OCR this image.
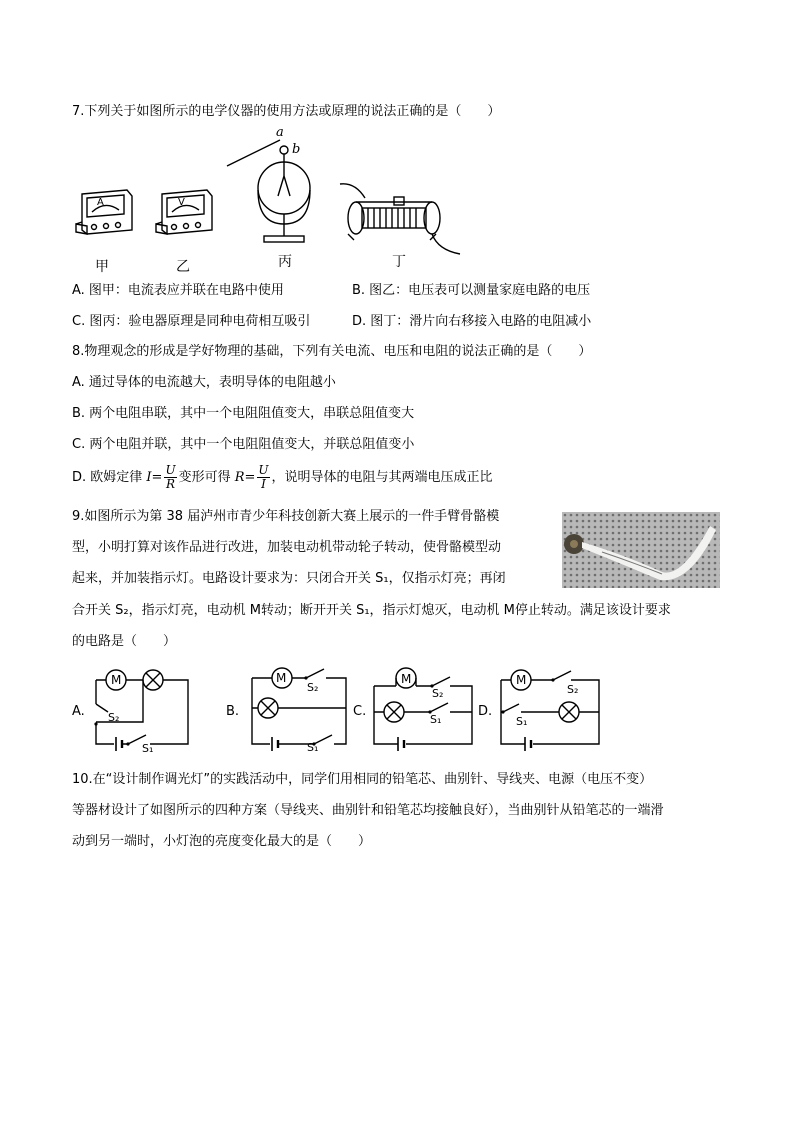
7.下列关于如图所示的电学仪器的使用方法或原理的说法正确的是（　　）
A	V
a
b
甲	乙	丙	丁
A. 图甲：电流表应并联在电路中使用	B. 图乙：电压表可以测量家庭电路的电压
C. 图丙：验电器原理是同种电荷相互吸引	D. 图丁：滑片向右移接入电路的电阻减小
8.物理观念的形成是学好物理的基础，下列有关电流、电压和电阻的说法正确的是（　　）
A. 通过导体的电流越大，表明导体的电阻越小
B. 两个电阻串联，其中一个电阻阻值变大，串联总阻值变大
C. 两个电阻并联，其中一个电阻阻值变大，并联总阻值变小
D. 欧姆定律 $I= \frac{U}{R}$ 变形可得 $R= \frac{U}{I}$ ，说明导体的电阻与其两端电压成正比
9.如图所示为第 38 届泸州市青少年科技创新大赛上展示的一件手臂骨骼模
型，小明打算对该作品进行改进，加装电动机带动轮子转动，使骨骼模型动
起来，并加装指示灯。电路设计要求为：只闭合开关 S₁，仅指示灯亮；再闭
合开关 S₂，指示灯亮，电动机 M转动；断开开关 S₁，指示灯熄灭，电动机 M停止转动。满足该设计要求
的电路是（　　）
A.
M
S₂
S₁
B.
M
S₂
S₁
C.
M
S₂
S₁
D.
M
S₂
S₁
10.在“设计制作调光灯”的实践活动中，同学们用相同的铅笔芯、曲别针、导线夹、电源（电压不变）
等器材设计了如图所示的四种方案（导线夹、曲别针和铅笔芯均接触良好），当曲别针从铅笔芯的一端滑
动到另一端时，小灯泡的亮度变化最大的是（　　）
